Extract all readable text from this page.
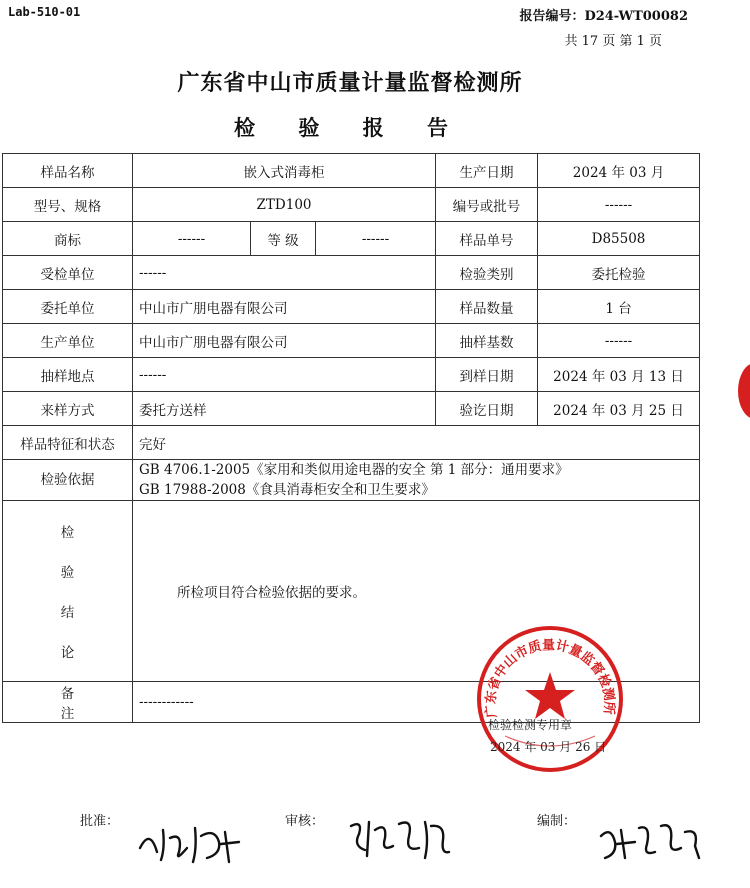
Lab-510-01	报告编号：D24-WT00082
共 17 页 第 1 页
广东省中山市质量计量监督检测所
检 验 报 告
样品名称	嵌入式消毒柜			生产日期	2024 年 03 月
型号、规格	ZTD100			编号或批号	------
商标	------	等 级	------	样品单号	D85508
受检单位	------			检验类别	委托检验
委托单位	中山市广朋电器有限公司			样品数量	1 台
生产单位	中山市广朋电器有限公司			抽样基数	------
抽样地点	------			到样日期	2024 年 03 月 13 日
来样方式	委托方送样			验讫日期	2024 年 03 月 25 日
样品特征和状态	完好				
检验依据	GB 4706.1-2005《家用和类似用途电器的安全 第 1 部分：通用要求》
GB 17988-2008《食具消毒柜安全和卫生要求》				

检
验
结
论	所检项目符合检验依据的要求。				

备
注	------------				
广东省中山市质量计量监督检测所
检验检测专用章
2024 年 03 月 26 日
批准：	审核：	编制：
